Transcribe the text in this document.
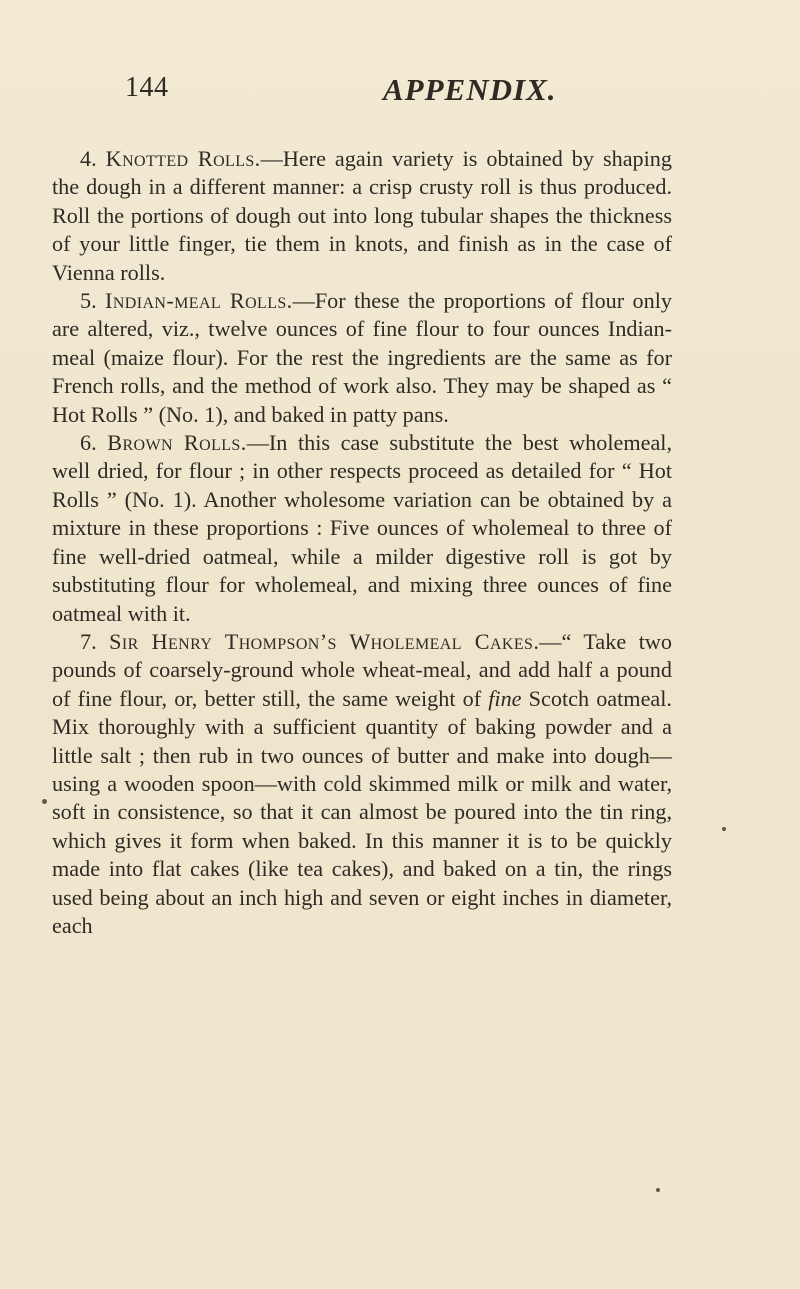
144	APPENDIX.

4. Knotted Rolls.—Here again variety is obtained by shaping the dough in a different manner: a crisp crusty roll is thus produced. Roll the portions of dough out into long tubular shapes the thickness of your little finger, tie them in knots, and finish as in the case of Vienna rolls.

5. Indian-meal Rolls.—For these the proportions of flour only are altered, viz., twelve ounces of fine flour to four ounces Indian-meal (maize flour). For the rest the ingredients are the same as for French rolls, and the method of work also. They may be shaped as “ Hot Rolls ” (No. 1), and baked in patty pans.

6. Brown Rolls.—In this case substitute the best wholemeal, well dried, for flour ; in other respects proceed as detailed for “ Hot Rolls ” (No. 1). Another wholesome variation can be obtained by a mixture in these proportions : Five ounces of wholemeal to three of fine well-dried oatmeal, while a milder digestive roll is got by substituting flour for wholemeal, and mixing three ounces of fine oatmeal with it.

7. Sir Henry Thompson’s Wholemeal Cakes.—“ Take two pounds of coarsely-ground whole wheat-meal, and add half a pound of fine flour, or, better still, the same weight of fine Scotch oatmeal. Mix thoroughly with a sufficient quantity of baking powder and a little salt ; then rub in two ounces of butter and make into dough—using a wooden spoon—with cold skimmed milk or milk and water, soft in consistence, so that it can almost be poured into the tin ring, which gives it form when baked. In this manner it is to be quickly made into flat cakes (like tea cakes), and baked on a tin, the rings used being about an inch high and seven or eight inches in diameter, each
